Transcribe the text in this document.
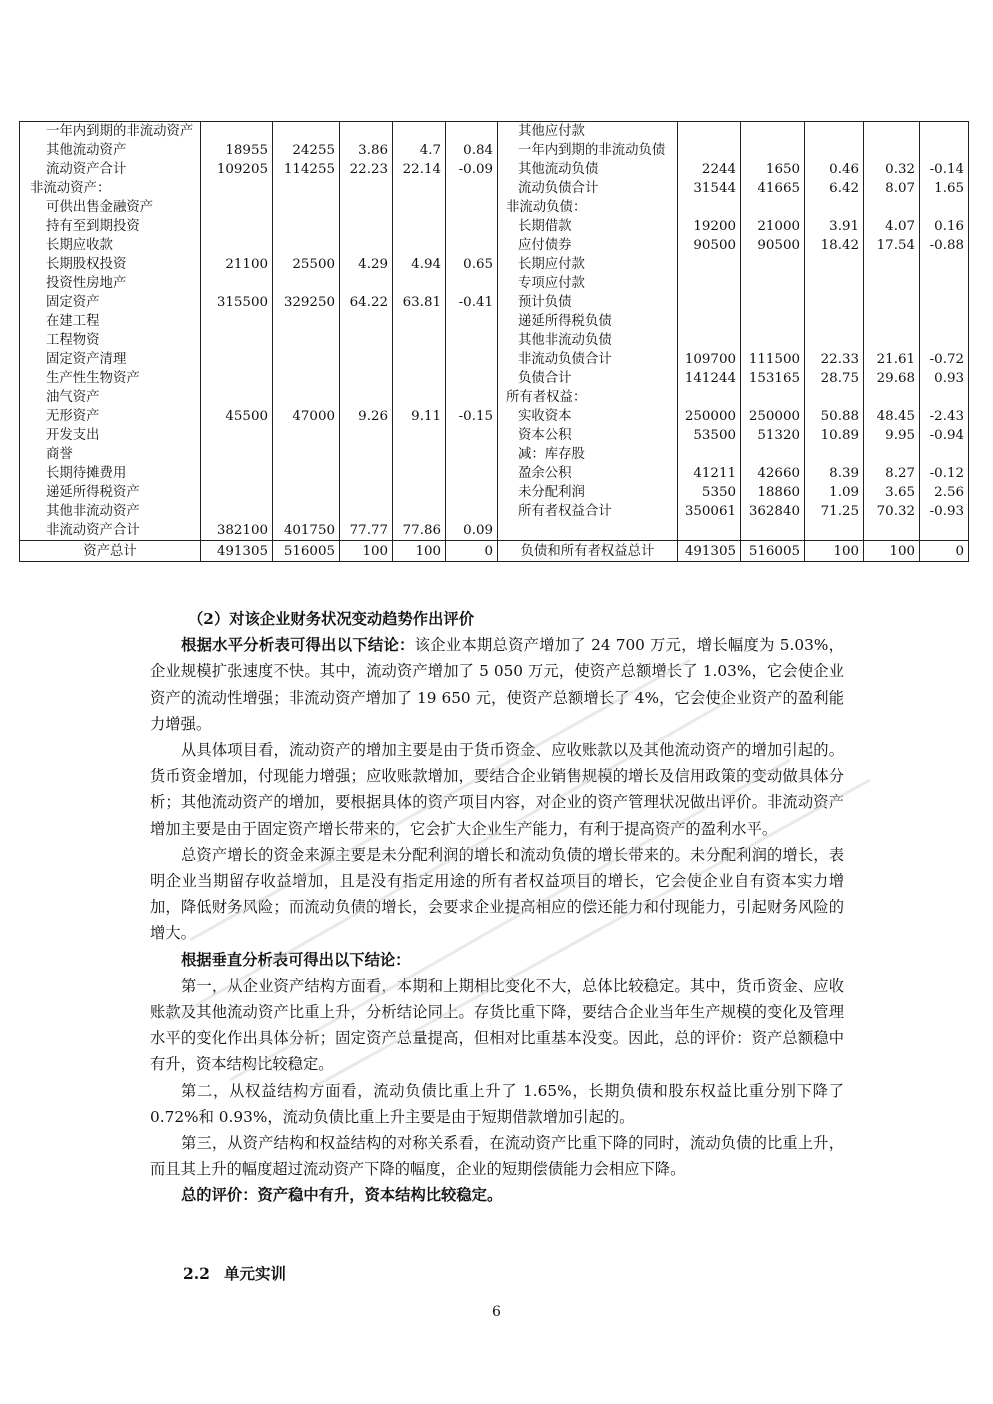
一年内到期的非流动资产						其他应付款					
其他流动资产	18955	24255	3.86	4.7	0.84	一年内到期的非流动负债					
流动资产合计	109205	114255	22.23	22.14	-0.09	其他流动负债	2244	1650	0.46	0.32	-0.14
非流动资产：						流动负债合计	31544	41665	6.42	8.07	1.65
可供出售金融资产						非流动负债：					
持有至到期投资						长期借款	19200	21000	3.91	4.07	0.16
长期应收款						应付债券	90500	90500	18.42	17.54	-0.88
长期股权投资	21100	25500	4.29	4.94	0.65	长期应付款					
投资性房地产						专项应付款					
固定资产	315500	329250	64.22	63.81	-0.41	预计负债					
在建工程						递延所得税负债					
工程物资						其他非流动负债					
固定资产清理						非流动负债合计	109700	111500	22.33	21.61	-0.72
生产性生物资产						负债合计	141244	153165	28.75	29.68	0.93
油气资产						所有者权益：					
无形资产	45500	47000	9.26	9.11	-0.15	实收资本	250000	250000	50.88	48.45	-2.43
开发支出						资本公积	53500	51320	10.89	9.95	-0.94
商誉						减：库存股					
长期待摊费用						盈余公积	41211	42660	8.39	8.27	-0.12
递延所得税资产						未分配利润	5350	18860	1.09	3.65	2.56
其他非流动资产						所有者权益合计	350061	362840	71.25	70.32	-0.93
非流动资产合计	382100	401750	77.77	77.86	0.09						
资产总计	491305	516005	100	100	0	负债和所有者权益总计	491305	516005	100	100	0

（2）对该企业财务状况变动趋势作出评价

根据水平分析表可得出以下结论：该企业本期总资产增加了 24 700 万元，增长幅度为 5.03%，企业规模扩张速度不快。其中，流动资产增加了 5 050 万元，使资产总额增长了 1.03%，它会使企业资产的流动性增强；非流动资产增加了 19 650 元，使资产总额增长了 4%，它会使企业资产的盈利能力增强。

从具体项目看，流动资产的增加主要是由于货币资金、应收账款以及其他流动资产的增加引起的。货币资金增加，付现能力增强；应收账款增加，要结合企业销售规模的增长及信用政策的变动做具体分析；其他流动资产的增加，要根据具体的资产项目内容，对企业的资产管理状况做出评价。非流动资产增加主要是由于固定资产增长带来的，它会扩大企业生产能力，有利于提高资产的盈利水平。

总资产增长的资金来源主要是未分配利润的增长和流动负债的增长带来的。未分配利润的增长，表明企业当期留存收益增加，且是没有指定用途的所有者权益项目的增长，它会使企业自有资本实力增加，降低财务风险；而流动负债的增长，会要求企业提高相应的偿还能力和付现能力，引起财务风险的增大。

根据垂直分析表可得出以下结论：

第一，从企业资产结构方面看，本期和上期相比变化不大，总体比较稳定。其中，货币资金、应收账款及其他流动资产比重上升，分析结论同上。存货比重下降，要结合企业当年生产规模的变化及管理水平的变化作出具体分析；固定资产总量提高，但相对比重基本没变。因此，总的评价：资产总额稳中有升，资本结构比较稳定。

第二，从权益结构方面看，流动负债比重上升了 1.65%，长期负债和股东权益比重分别下降了 0.72%和 0.93%，流动负债比重上升主要是由于短期借款增加引起的。

第三，从资产结构和权益结构的对称关系看，在流动资产比重下降的同时，流动负债的比重上升，而且其上升的幅度超过流动资产下降的幅度，企业的短期偿债能力会相应下降。

总的评价：资产稳中有升，资本结构比较稳定。

2.2 单元实训
6
